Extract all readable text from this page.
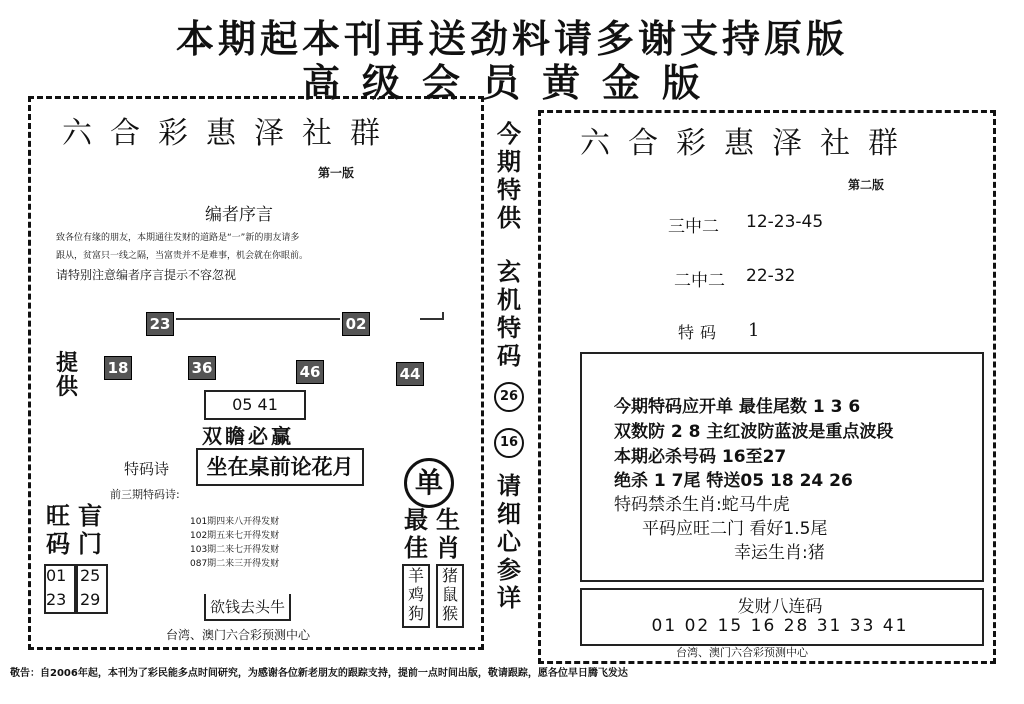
本期起本刊再送劲料请多谢支持原版
高级会员黄金版
六合彩惠泽社群
第一版
编者序言
致各位有缘的朋友，本期通往发财的道路是“一”新的朋友请多
跟从，贫富只一线之隔，当富贵并不是难事，机会就在你眼前。
请特别注意编者序言提示不容忽视
23	02
提供
18	36	46	44
05 41
双瞻必赢
特码诗	坐在桌前论花月
前三期特码诗:
101期四来八开得发财
102期五来七开得发财
103期二来七开得发财
087期二来三开得发财
旺码
盲门
01 25
23 29
单
最佳
生肖
羊鸡狗
猪鼠猴
欲钱去头牛
台湾、澳门六合彩预测中心
今期特供
玄机特码
26
16
请细心参详
六合彩惠泽社群
第二版
三中二 12-23-45
二中二 22-32
特码 1
今期特码应开单 最佳尾数 1 3 6
双数防 2 8 主红波防蓝波是重点波段
本期必杀号码 16至27
绝杀 1 7尾 特送05 18 24 26
特码禁杀生肖:蛇马牛虎
平码应旺二门 看好1.5尾
幸运生肖:猪
发财八连码
01 02 15 16 28 31 33 41
台湾、澳门六合彩预测中心
敬告：自2006年起，本刊为了彩民能多点时间研究，为感谢各位新老朋友的跟踪支持，提前一点时间出版，敬请跟踪，愿各位早日腾飞发达
